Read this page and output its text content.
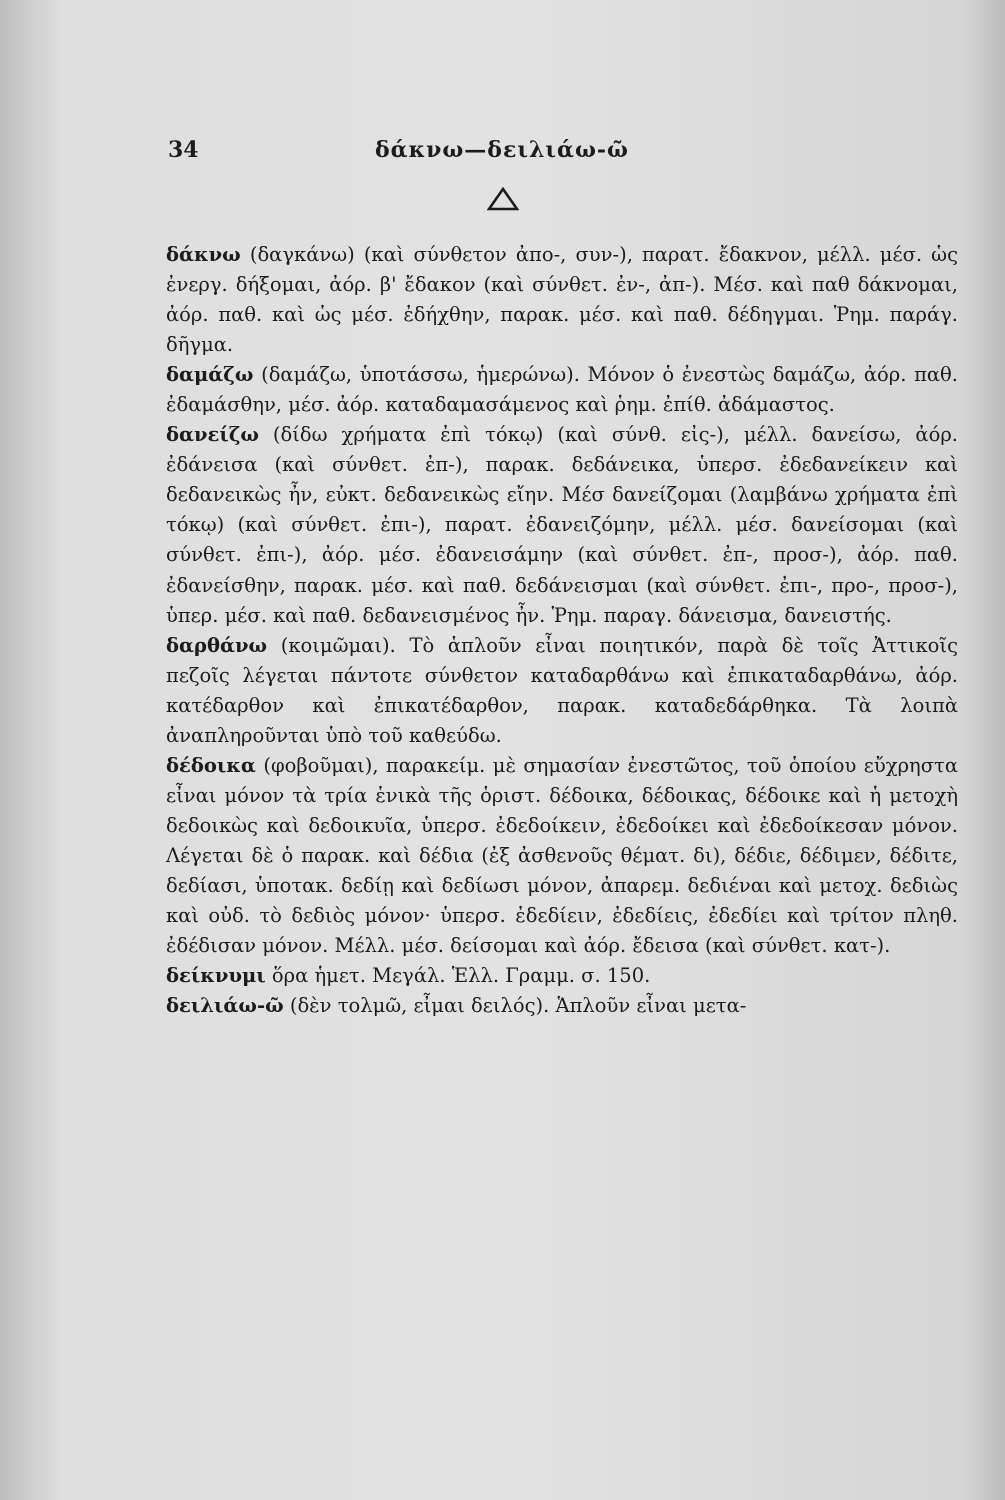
34	δάκνω—δειλιάω-ῶ

δάκνω (δαγκάνω) (καὶ σύνθετον ἀπο-, συν-), παρατ. ἔδακνον, μέλλ. μέσ. ὡς ἐνεργ. δήξομαι, ἀόρ. β' ἔδακον (καὶ σύνθετ. ἐν-, ἀπ-). Μέσ. καὶ παθ δάκνομαι, ἀόρ. παθ. καὶ ὡς μέσ. ἐδήχθην, παρακ. μέσ. καὶ παθ. δέδηγμαι. Ῥημ. παράγ. δῆγμα.

δαμάζω (δαμάζω, ὑποτάσσω, ἡμερώνω). Μόνον ὁ ἐνεστὼς δαμάζω, ἀόρ. παθ. ἐδαμάσθην, μέσ. ἀόρ. καταδαμασάμενος καὶ ῥημ. ἐπίθ. ἀδάμαστος.

δανείζω (δίδω χρήματα ἐπὶ τόκῳ) (καὶ σύνθ. εἰς-), μέλλ. δανείσω, ἀόρ. ἐδάνεισα (καὶ σύνθετ. ἐπ-), παρακ. δεδάνεικα, ὑπερσ. ἐδεδανείκειν καὶ δεδανεικὼς ἦν, εὐκτ. δεδανεικὼς εἴην. Μέσ δανείζομαι (λαμβάνω χρήματα ἐπὶ τόκῳ) (καὶ σύνθετ. ἐπι-), παρατ. ἐδανειζόμην, μέλλ. μέσ. δανείσομαι (καὶ σύνθετ. ἐπι-), ἀόρ. μέσ. ἐδανεισάμην (καὶ σύνθετ. ἐπ-, προσ-), ἀόρ. παθ. ἐδανείσθην, παρακ. μέσ. καὶ παθ. δεδάνεισμαι (καὶ σύνθετ. ἐπι-, προ-, προσ-), ὑπερ. μέσ. καὶ παθ. δεδανεισμένος ἦν. Ῥημ. παραγ. δάνεισμα, δανειστής.

δαρθάνω (κοιμῶμαι). Τὸ ἁπλοῦν εἶναι ποιητικόν, παρὰ δὲ τοῖς Ἀττικοῖς πεζοῖς λέγεται πάντοτε σύνθετον καταδαρθάνω καὶ ἐπικαταδαρθάνω, ἀόρ. κατέδαρθον καὶ ἐπικατέδαρθον, παρακ. καταδεδάρθηκα. Τὰ λοιπὰ ἀναπληροῦνται ὑπὸ τοῦ καθεύδω.

δέδοικα (φοβοῦμαι), παρακείμ. μὲ σημασίαν ἐνεστῶτος, τοῦ ὁποίου εὔχρηστα εἶναι μόνον τὰ τρία ἑνικὰ τῆς ὁριστ. δέδοικα, δέδοικας, δέδοικε καὶ ἡ μετοχὴ δεδοικὼς καὶ δεδοικυῖα, ὑπερσ. ἐδεδοίκειν, ἐδεδοίκει καὶ ἐδεδοίκεσαν μόνον. Λέγεται δὲ ὁ παρακ. καὶ δέδια (ἐξ ἀσθενοῦς θέματ. δι), δέδιε, δέδιμεν, δέδιτε, δεδίασι, ὑποτακ. δεδίῃ καὶ δεδίωσι μόνον, ἀπαρεμ. δεδιέναι καὶ μετοχ. δεδιὼς καὶ οὐδ. τὸ δεδιὸς μόνον· ὑπερσ. ἐδεδίειν, ἐδεδίεις, ἐδεδίει καὶ τρίτον πληθ. ἐδέδισαν μόνον. Μέλλ. μέσ. δείσομαι καὶ ἀόρ. ἔδεισα (καὶ σύνθετ. κατ-).

δείκνυμι ὅρα ἡμετ. Μεγάλ. Ἑλλ. Γραμμ. σ. 150.

δειλιάω-ῶ (δὲν τολμῶ, εἶμαι δειλός). Ἁπλοῦν εἶναι μετα-
